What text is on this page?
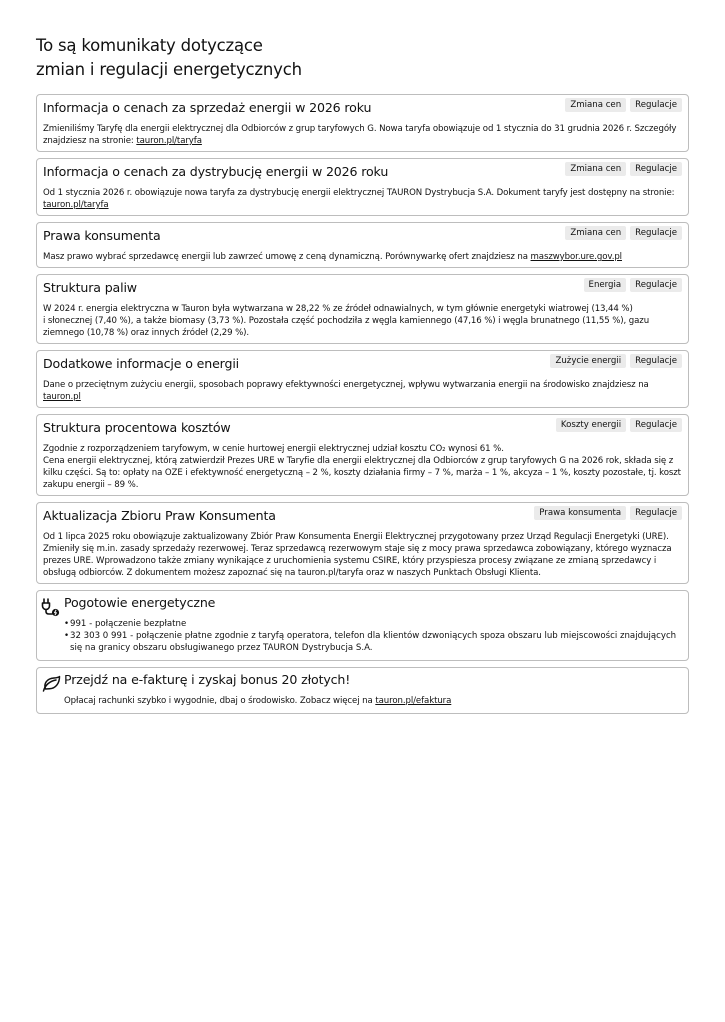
To są komunikaty dotyczące
zmian i regulacji energetycznych
Informacja o cenach za sprzedaż energii w 2026 roku	Zmiana cen	Regulacje

Zmieniliśmy Taryfę dla energii elektrycznej dla Odbiorców z grup taryfowych G. Nowa taryfa obowiązuje od 1 stycznia do 31 grudnia 2026 r. Szczegóły znajdziesz na stronie: tauron.pl/taryfa

Informacja o cenach za dystrybucję energii w 2026 roku	Zmiana cen	Regulacje

Od 1 stycznia 2026 r. obowiązuje nowa taryfa za dystrybucję energii elektrycznej TAURON Dystrybucja S.A. Dokument taryfy jest dostępny na stronie: tauron.pl/taryfa

Prawa konsumenta	Zmiana cen	Regulacje

Masz prawo wybrać sprzedawcę energii lub zawrzeć umowę z ceną dynamiczną. Porównywarkę ofert znajdziesz na maszwybor.ure.gov.pl

Struktura paliw	Energia	Regulacje

W 2024 r. energia elektryczna w Tauron była wytwarzana w 28,22 % ze źródeł odnawialnych, w tym głównie energetyki wiatrowej (13,44 %)

i słonecznej (7,40 %), a także biomasy (3,73 %). Pozostała część pochodziła z węgla kamiennego (47,16 %) i węgla brunatnego (11,55 %), gazu ziemnego (10,78 %) oraz innych źródeł (2,29 %).

Dodatkowe informacje o energii	Zużycie energii	Regulacje

Dane o przeciętnym zużyciu energii, sposobach poprawy efektywności energetycznej, wpływu wytwarzania energii na środowisko znajdziesz na tauron.pl

Struktura procentowa kosztów	Koszty energii	Regulacje

Zgodnie z rozporządzeniem taryfowym, w cenie hurtowej energii elektrycznej udział kosztu CO₂ wynosi 61 %.

Cena energii elektrycznej, którą zatwierdził Prezes URE w Taryfie dla energii elektrycznej dla Odbiorców z grup taryfowych G na 2026 rok, składa się z kilku części. Są to: opłaty na OZE i efektywność energetyczną – 2 %, koszty działania firmy – 7 %, marża – 1 %, akcyza – 1 %, koszty pozostałe, tj. koszt zakupu energii – 89 %.

Aktualizacja Zbioru Praw Konsumenta	Prawa konsumenta	Regulacje

Od 1 lipca 2025 roku obowiązuje zaktualizowany Zbiór Praw Konsumenta Energii Elektrycznej przygotowany przez Urząd Regulacji Energetyki (URE). Zmieniły się m.in. zasady sprzedaży rezerwowej. Teraz sprzedawcą rezerwowym staje się z mocy prawa sprzedawca zobowiązany, którego wyznacza prezes URE. Wprowadzono także zmiany wynikające z uruchomienia systemu CSIRE, który przyspiesza procesy związane ze zmianą sprzedawcy i obsługą odbiorców. Z dokumentem możesz zapoznać się na tauron.pl/taryfa oraz w naszych Punktach Obsługi Klienta.

Pogotowie energetyczne
• 991 - połączenie bezpłatne
• 32 303 0 991 - połączenie płatne zgodnie z taryfą operatora, telefon dla klientów dzwoniących spoza obszaru lub miejscowości znajdujących się na granicy obszaru obsługiwanego przez TAURON Dystrybucja S.A.
Przejdź na e-fakturę i zyskaj bonus 20 złotych!

Opłacaj rachunki szybko i wygodnie, dbaj o środowisko. Zobacz więcej na tauron.pl/efaktura
